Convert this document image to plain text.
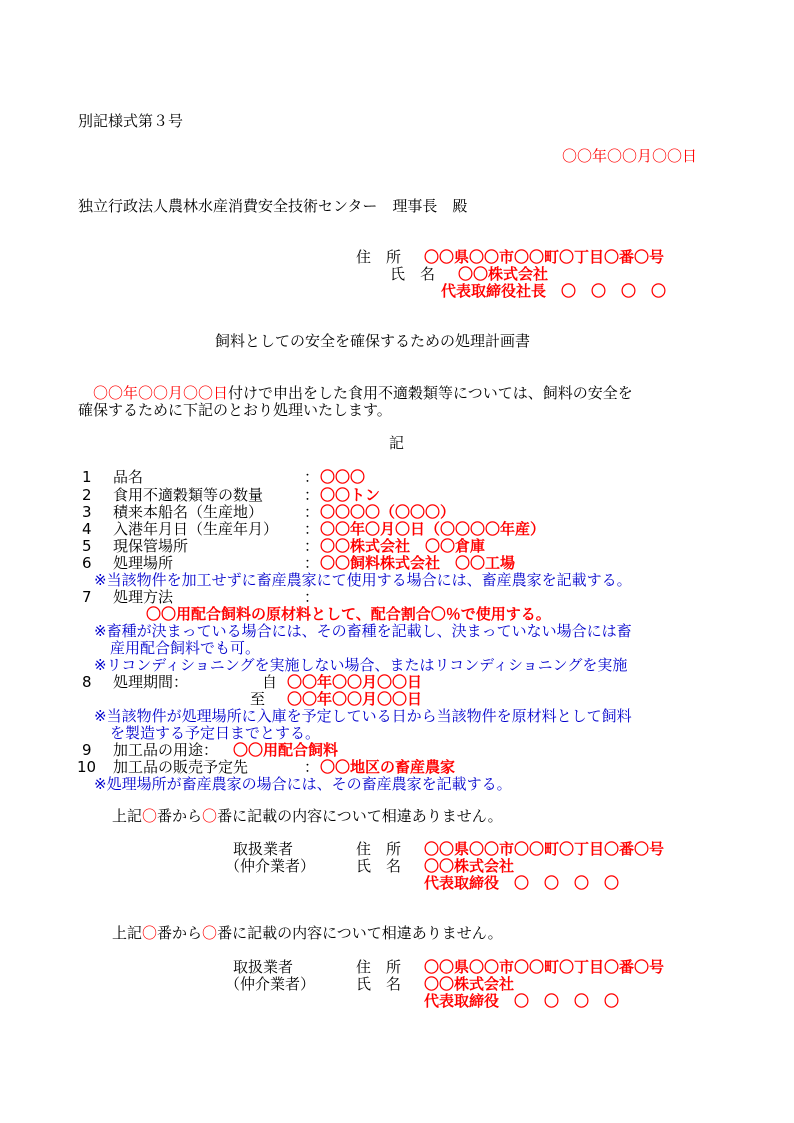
別記様式第３号
〇〇年〇〇月〇〇日
独立行政法人農林水産消費安全技術センター　理事長　殿
住　所 〇〇県〇〇市〇〇町〇丁目〇番〇号
氏　名 〇〇株式会社
代表取締役社長　〇　〇　〇　〇
飼料としての安全を確保するための処理計画書
　〇〇年〇〇月〇〇日付けで申出をした食用不適穀類等については、飼料の安全を
確保するために下記のとおり処理いたします。
記
1 品名	： 〇〇〇
2 食用不適穀類等の数量	： 〇〇トン
3 積来本船名（生産地）	： 〇〇〇〇（〇〇〇）
4 入港年月日（生産年月） ： 〇〇年〇月〇日（〇〇〇〇年産）
5 現保管場所	： 〇〇株式会社　〇〇倉庫
6 処理場所	： 〇〇飼料株式会社　〇〇工場
※当該物件を加工せずに畜産農家にて使用する場合には、畜産農家を記載する。
7 処理方法	：
〇〇用配合飼料の原材料として、配合割合〇％で使用する。
※畜種が決まっている場合には、その畜種を記載し、決まっていない場合には畜
産用配合飼料でも可。
※リコンディショニングを実施しない場合、またはリコンディショニングを実施
8 処理期間：	自 〇〇年〇〇月〇〇日
至 〇〇年〇〇月〇〇日
※当該物件が処理場所に入庫を予定している日から当該物件を原材料として飼料
を製造する予定日までとする。
9 加工品の用途： 〇〇用配合飼料
10 加工品の販売予定先	： 〇〇地区の畜産農家
※処理場所が畜産農家の場合には、その畜産農家を記載する。
上記〇番から〇番に記載の内容について相違ありません。
取扱業者
（仲介業者）
住　所 〇〇県〇〇市〇〇町〇丁目〇番〇号
氏　名 〇〇株式会社
代表取締役　〇　〇　〇　〇
上記〇番から〇番に記載の内容について相違ありません。
取扱業者
（仲介業者）
住　所 〇〇県〇〇市〇〇町〇丁目〇番〇号
氏　名 〇〇株式会社
代表取締役　〇　〇　〇　〇
